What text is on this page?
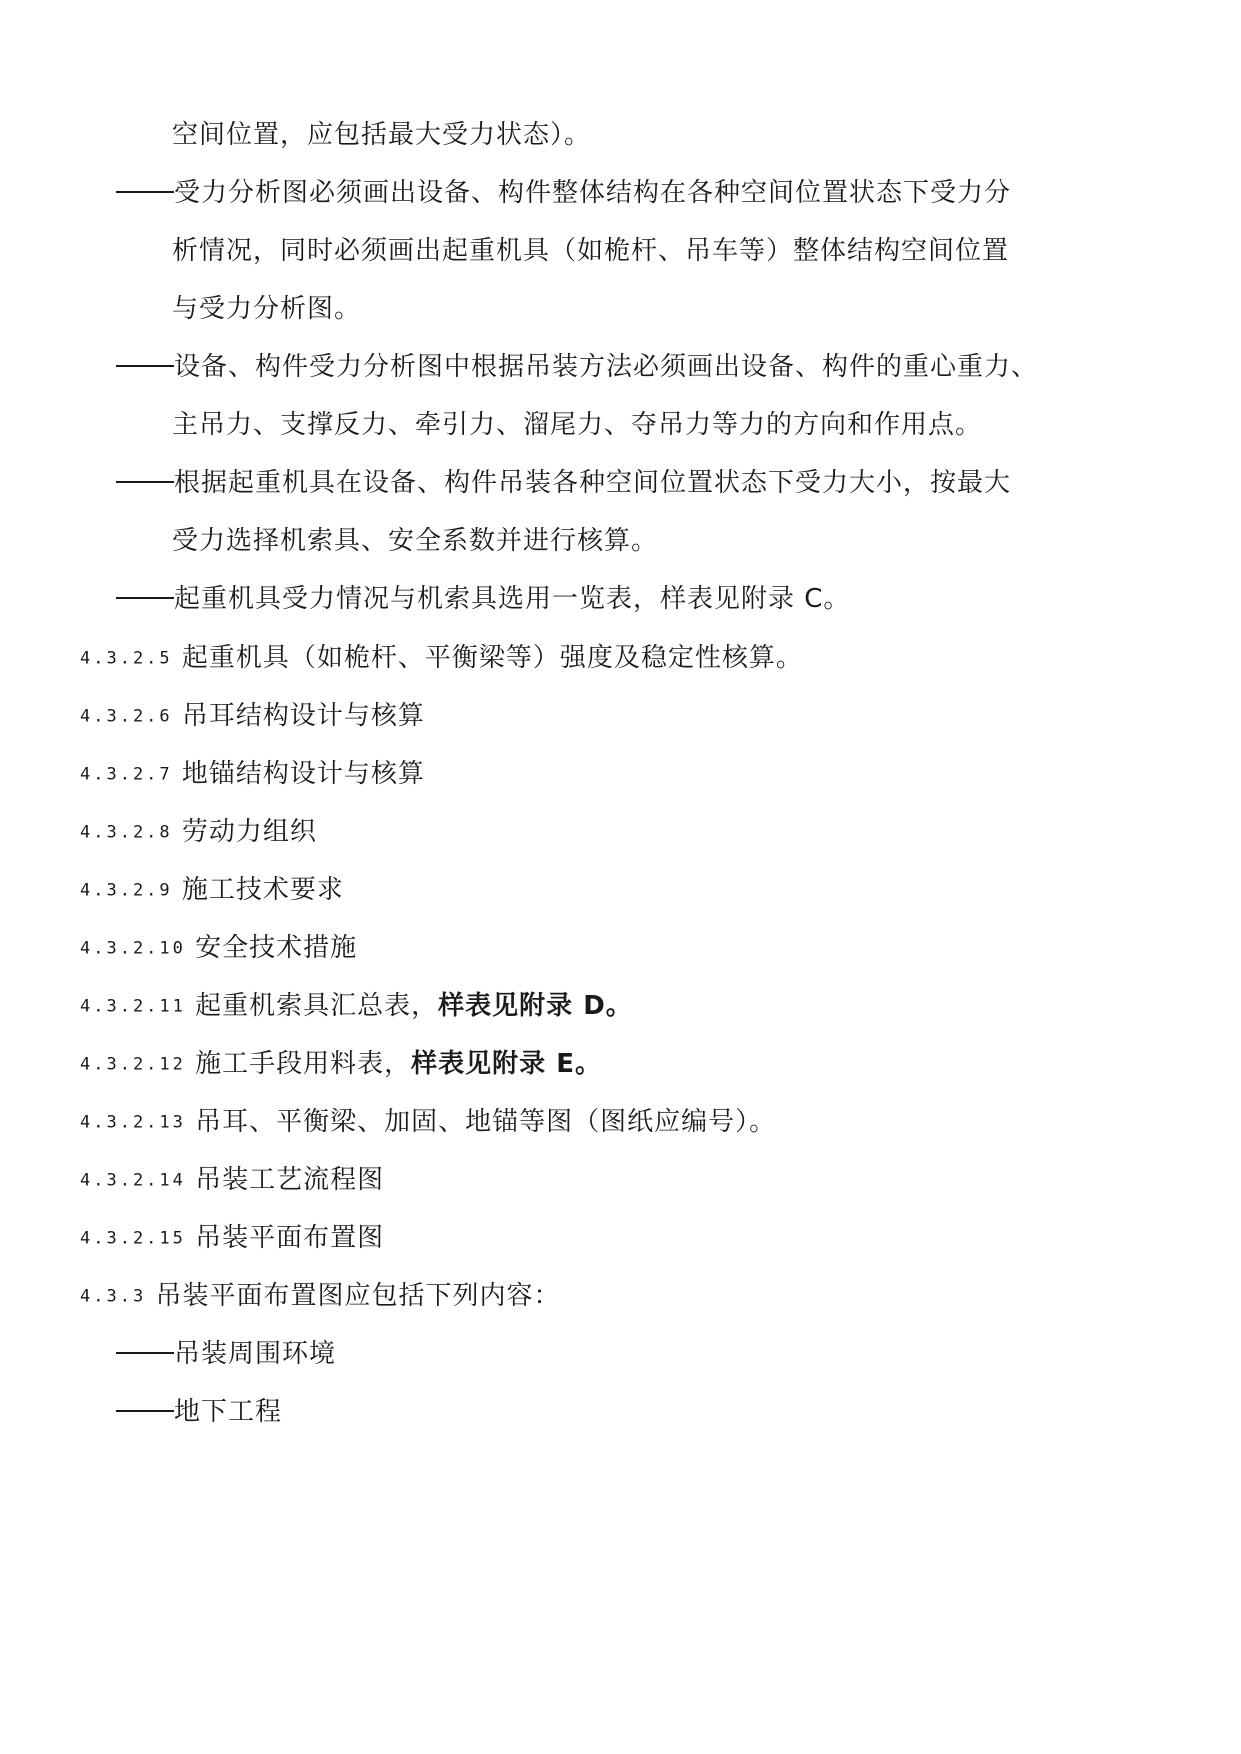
空间位置，应包括最大受力状态）。
受力分析图必须画出设备、构件整体结构在各种空间位置状态下受力分
析情况，同时必须画出起重机具（如桅杆、吊车等）整体结构空间位置
与受力分析图。
设备、构件受力分析图中根据吊装方法必须画出设备、构件的重心重力、
主吊力、支撑反力、牵引力、溜尾力、夺吊力等力的方向和作用点。
根据起重机具在设备、构件吊装各种空间位置状态下受力大小，按最大
受力选择机索具、安全系数并进行核算。
起重机具受力情况与机索具选用一览表，样表见附录 C。
4.3.2.5 起重机具（如桅杆、平衡梁等）强度及稳定性核算。
4.3.2.6 吊耳结构设计与核算
4.3.2.7 地锚结构设计与核算
4.3.2.8 劳动力组织
4.3.2.9 施工技术要求
4.3.2.10 安全技术措施
4.3.2.11 起重机索具汇总表，样表见附录 D。
4.3.2.12 施工手段用料表，样表见附录 E。
4.3.2.13 吊耳、平衡梁、加固、地锚等图（图纸应编号）。
4.3.2.14 吊装工艺流程图
4.3.2.15 吊装平面布置图
4.3.3 吊装平面布置图应包括下列内容：
吊装周围环境
地下工程
